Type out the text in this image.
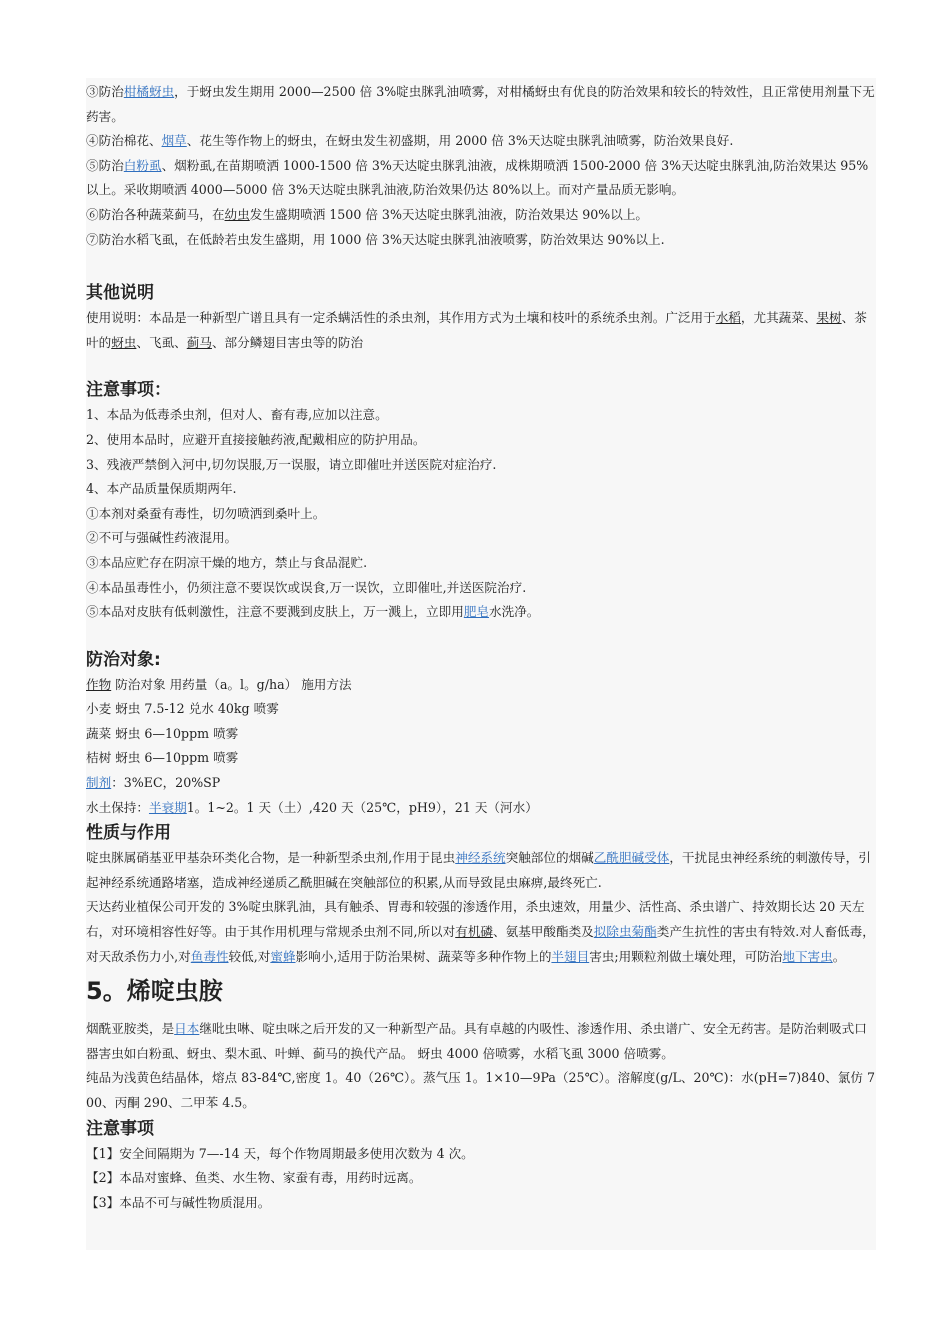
③防治柑橘蚜虫，于蚜虫发生期用 2000—2500 倍 3%啶虫脒乳油喷雾，对柑橘蚜虫有优良的防治效果和较长的特效性，且正常使用剂量下无药害。

④防治棉花、烟草、花生等作物上的蚜虫，在蚜虫发生初盛期，用 2000 倍 3%天达啶虫脒乳油喷雾，防治效果良好.

⑤防治白粉虱、烟粉虱,在苗期喷洒 1000-1500 倍 3%天达啶虫脒乳油液，成株期喷洒 1500-2000 倍 3%天达啶虫脒乳油,防治效果达 95%以上。采收期喷洒 4000—5000 倍 3%天达啶虫脒乳油液,防治效果仍达 80%以上。而对产量品质无影响。

⑥防治各种蔬菜蓟马，在幼虫发生盛期喷洒 1500 倍 3%天达啶虫脒乳油液，防治效果达 90%以上。

⑦防治水稻飞虱，在低龄若虫发生盛期，用 1000 倍 3%天达啶虫脒乳油液喷雾，防治效果达 90%以上.

其他说明

使用说明：本品是一种新型广谱且具有一定杀螨活性的杀虫剂，其作用方式为土壤和枝叶的系统杀虫剂。广泛用于水稻，尤其蔬菜、果树、茶叶的蚜虫、飞虱、蓟马、部分鳞翅目害虫等的防治

注意事项：

1、本品为低毒杀虫剂，但对人、畜有毒,应加以注意。

2、使用本品时，应避开直接接触药液,配戴相应的防护用品。

3、残液严禁倒入河中,切勿误服,万一误服，请立即催吐并送医院对症治疗.

4、本产品质量保质期两年.

①本剂对桑蚕有毒性，切勿喷洒到桑叶上。

②不可与强碱性药液混用。

③本品应贮存在阴凉干燥的地方，禁止与食品混贮.

④本品虽毒性小，仍须注意不要误饮或误食,万一误饮，立即催吐,并送医院治疗.

⑤本品对皮肤有低刺激性，注意不要溅到皮肤上，万一溅上，立即用肥皂水洗净。

防治对象:

作物 防治对象 用药量（a。l。g/ha） 施用方法

小麦 蚜虫 7.5-12 兑水 40kg 喷雾

蔬菜 蚜虫 6—10ppm 喷雾

桔树 蚜虫 6—10ppm 喷雾

制剂：3%EC，20%SP

水土保持：半衰期1。1~2。1 天（土）,420 天（25℃，pH9），21 天（河水）

性质与作用

啶虫脒属硝基亚甲基杂环类化合物，是一种新型杀虫剂,作用于昆虫神经系统突触部位的烟碱乙酰胆碱受体，干扰昆虫神经系统的刺激传导，引起神经系统通路堵塞，造成神经递质乙酰胆碱在突触部位的积累,从而导致昆虫麻痹,最终死亡.

天达药业植保公司开发的 3%啶虫脒乳油，具有触杀、胃毒和较强的渗透作用，杀虫速效，用量少、活性高、杀虫谱广、持效期长达 20 天左右，对环境相容性好等。由于其作用机理与常规杀虫剂不同,所以对有机磷、氨基甲酸酯类及拟除虫菊酯类产生抗性的害虫有特效.对人畜低毒，对天敌杀伤力小,对鱼毒性较低,对蜜蜂影响小,适用于防治果树、蔬菜等多种作物上的半翅目害虫;用颗粒剂做土壤处理，可防治地下害虫。

5。烯啶虫胺

烟酰亚胺类，是日本继吡虫啉、啶虫咪之后开发的又一种新型产品。具有卓越的内吸性、渗透作用、杀虫谱广、安全无药害。是防治刺吸式口器害虫如白粉虱、蚜虫、梨木虱、叶蝉、蓟马的换代产品。 蚜虫 4000 倍喷雾，水稻飞虱 3000 倍喷雾。

纯品为浅黄色结晶体，熔点 83-84℃,密度 1。40（26℃）。蒸气压 1。1×10—9Pa（25℃）。溶解度(g/L、20℃)：水(pH=7)840、氯仿 700、丙酮 290、二甲苯 4.5。

注意事项

【1】安全间隔期为 7—-14 天，每个作物周期最多使用次数为 4 次。

【2】本品对蜜蜂、鱼类、水生物、家蚕有毒，用药时远离。

【3】本品不可与碱性物质混用。
